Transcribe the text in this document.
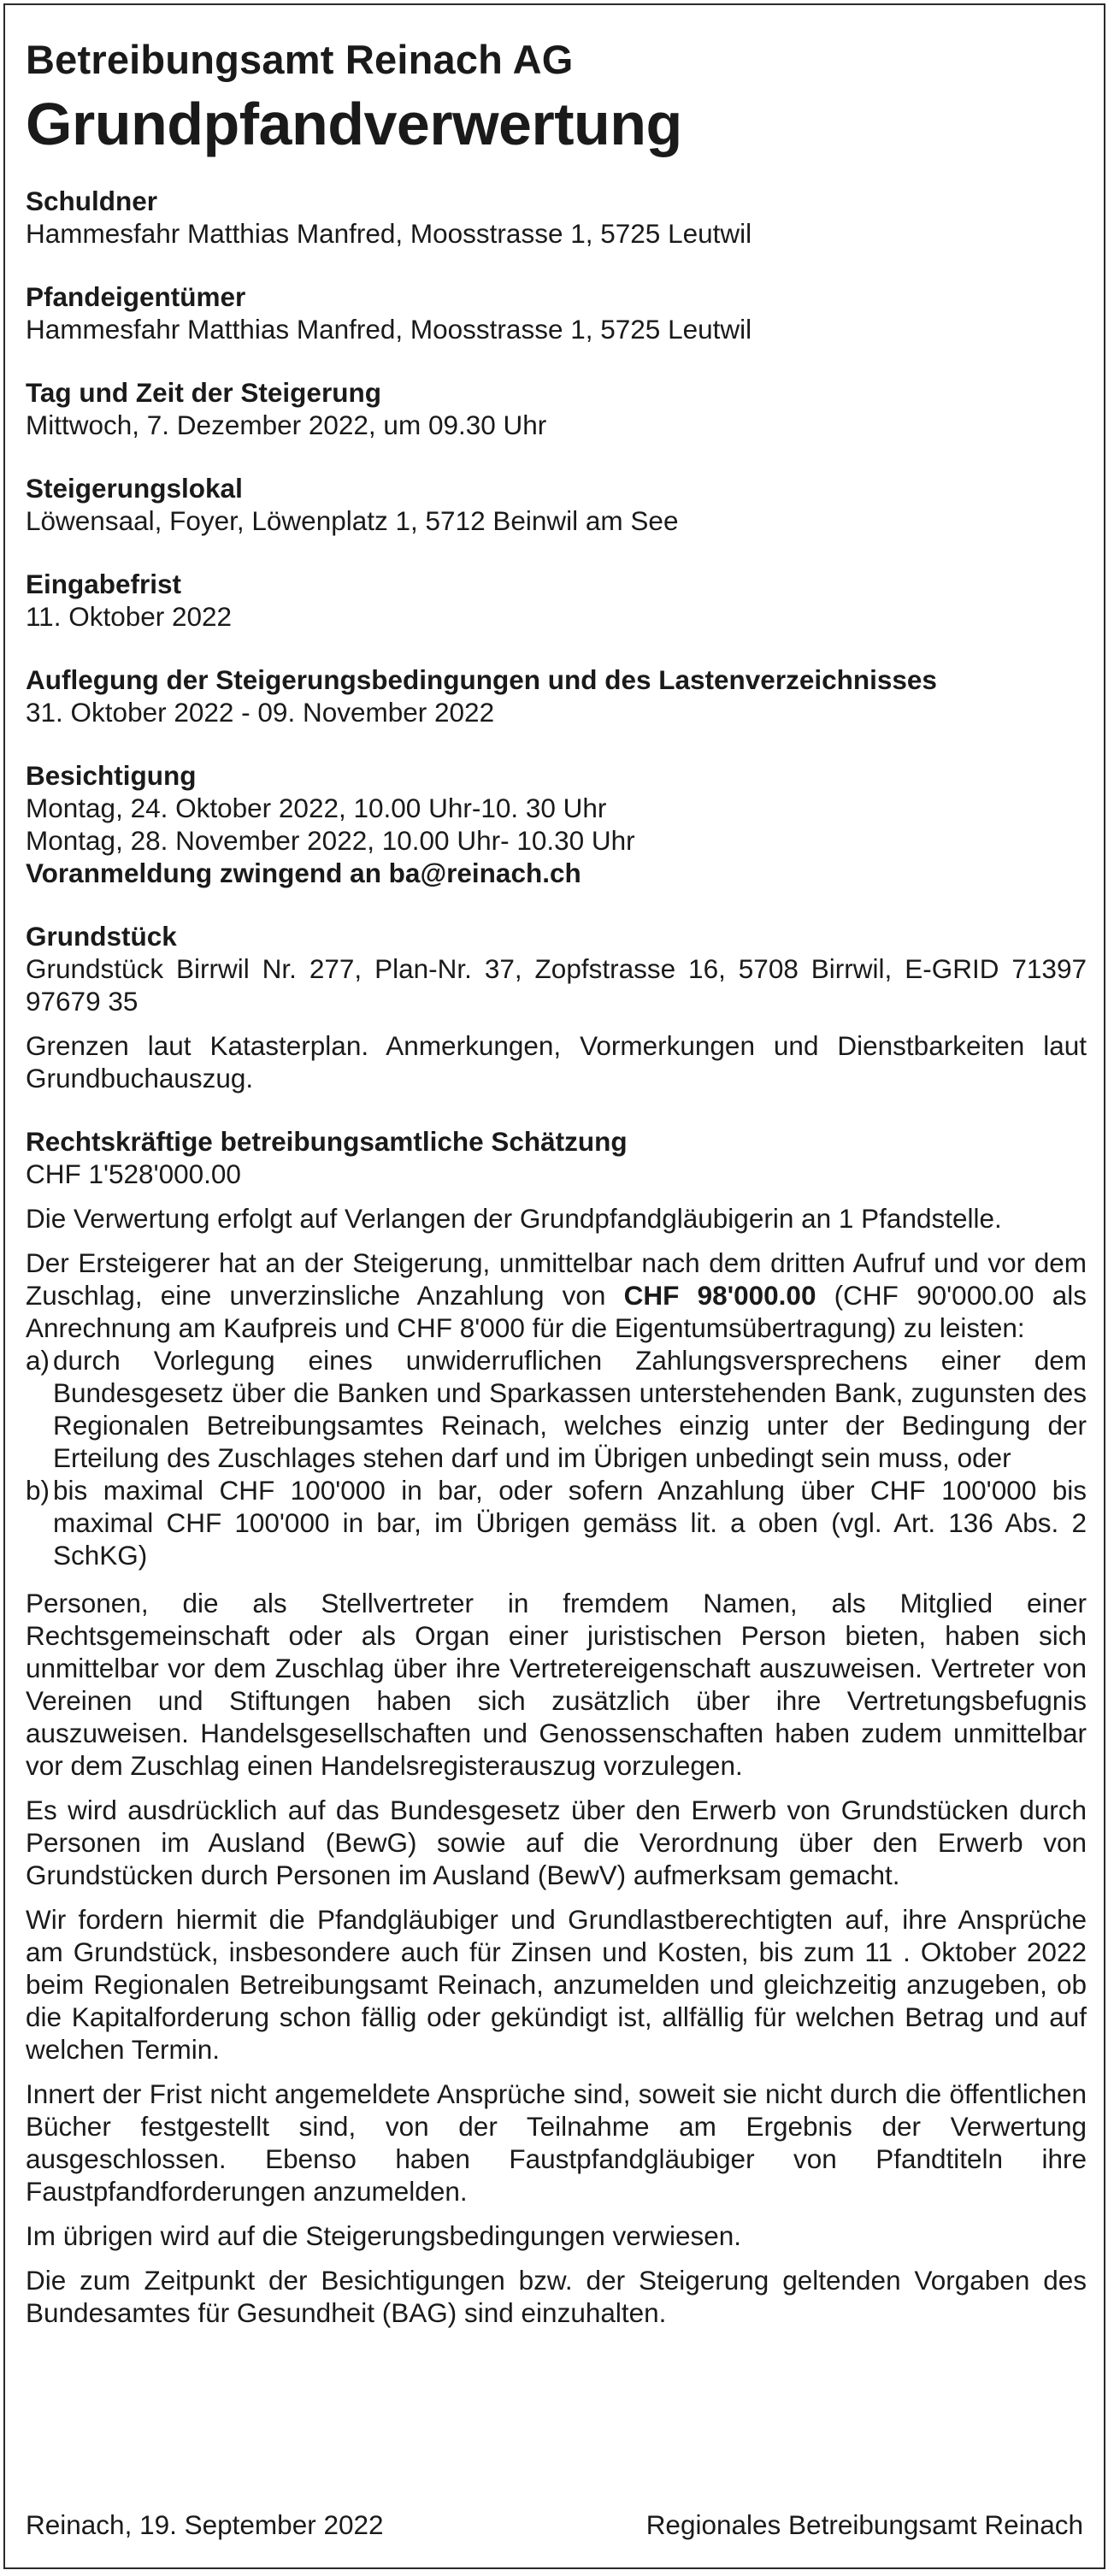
Betreibungsamt Reinach AG
Grundpfandverwertung

Schuldner

Hammesfahr Matthias Manfred, Moosstrasse 1, 5725 Leutwil

Pfandeigentümer

Hammesfahr Matthias Manfred, Moosstrasse 1, 5725 Leutwil

Tag und Zeit der Steigerung

Mittwoch, 7. Dezember 2022, um 09.30 Uhr

Steigerungslokal

Löwensaal, Foyer, Löwenplatz 1, 5712 Beinwil am See

Eingabefrist

11. Oktober 2022

Auflegung der Steigerungsbedingungen und des Lastenverzeichnisses

31. Oktober 2022 - 09. November 2022

Besichtigung

Montag, 24. Oktober 2022, 10.00 Uhr-10. 30 Uhr

Montag, 28. November 2022, 10.00 Uhr- 10.30 Uhr

Voranmeldung zwingend an ba@reinach.ch

Grundstück

Grundstück Birrwil Nr. 277, Plan-Nr. 37, Zopfstrasse 16, 5708 Birrwil, E-GRID 71397 97679 35

Grenzen laut Katasterplan. Anmerkungen, Vormerkungen und Dienstbarkeiten laut Grundbuchauszug.

Rechtskräftige betreibungsamtliche Schätzung

CHF 1'528'000.00

Die Verwertung erfolgt auf Verlangen der Grundpfandgläubigerin an 1 Pfandstelle.

Der Ersteigerer hat an der Steigerung, unmittelbar nach dem dritten Aufruf und vor dem Zuschlag, eine unverzinsliche Anzahlung von CHF 98'000.00 (CHF 90'000.00 als Anrechnung am Kaufpreis und CHF 8'000 für die Eigentumsübertragung) zu leisten:

a) durch Vorlegung eines unwiderruflichen Zahlungsversprechens einer dem Bundesgesetz über die Banken und Sparkassen unterstehenden Bank, zugunsten des Regionalen Betreibungsamtes Reinach, welches einzig unter der Bedingung der Erteilung des Zuschlages stehen darf und im Übrigen unbedingt sein muss, oder
b) bis maximal CHF 100'000 in bar, oder sofern Anzahlung über CHF 100'000 bis maximal CHF 100'000 in bar, im Übrigen gemäss lit. a oben (vgl. Art. 136 Abs. 2 SchKG)

Personen, die als Stellvertreter in fremdem Namen, als Mitglied einer Rechtsgemeinschaft oder als Organ einer juristischen Person bieten, haben sich unmittelbar vor dem Zuschlag über ihre Vertretereigenschaft auszuweisen. Vertreter von Vereinen und Stiftungen haben sich zusätzlich über ihre Vertretungsbefugnis auszuweisen. Handelsgesellschaften und Genossenschaften haben zudem unmittelbar vor dem Zuschlag einen Handelsregisterauszug vorzulegen.

Es wird ausdrücklich auf das Bundesgesetz über den Erwerb von Grundstücken durch Personen im Ausland (BewG) sowie auf die Verordnung über den Erwerb von Grundstücken durch Personen im Ausland (BewV) aufmerksam gemacht.

Wir fordern hiermit die Pfandgläubiger und Grundlastberechtigten auf, ihre Ansprüche am Grundstück, insbesondere auch für Zinsen und Kosten, bis zum 11 . Oktober 2022 beim Regionalen Betreibungsamt Reinach, anzumelden und gleichzeitig anzugeben, ob die Kapitalforderung schon fällig oder gekündigt ist, allfällig für welchen Betrag und auf welchen Termin.

Innert der Frist nicht angemeldete Ansprüche sind, soweit sie nicht durch die öffentlichen Bücher festgestellt sind, von der Teilnahme am Ergebnis der Verwertung ausgeschlossen. Ebenso haben Faustpfandgläubiger von Pfandtiteln ihre Faustpfandforderungen anzumelden.

Im übrigen wird auf die Steigerungsbedingungen verwiesen.

Die zum Zeitpunkt der Besichtigungen bzw. der Steigerung geltenden Vorgaben des Bundesamtes für Gesundheit (BAG) sind einzuhalten.

Reinach, 19. September 2022	Regionales Betreibungsamt Reinach
